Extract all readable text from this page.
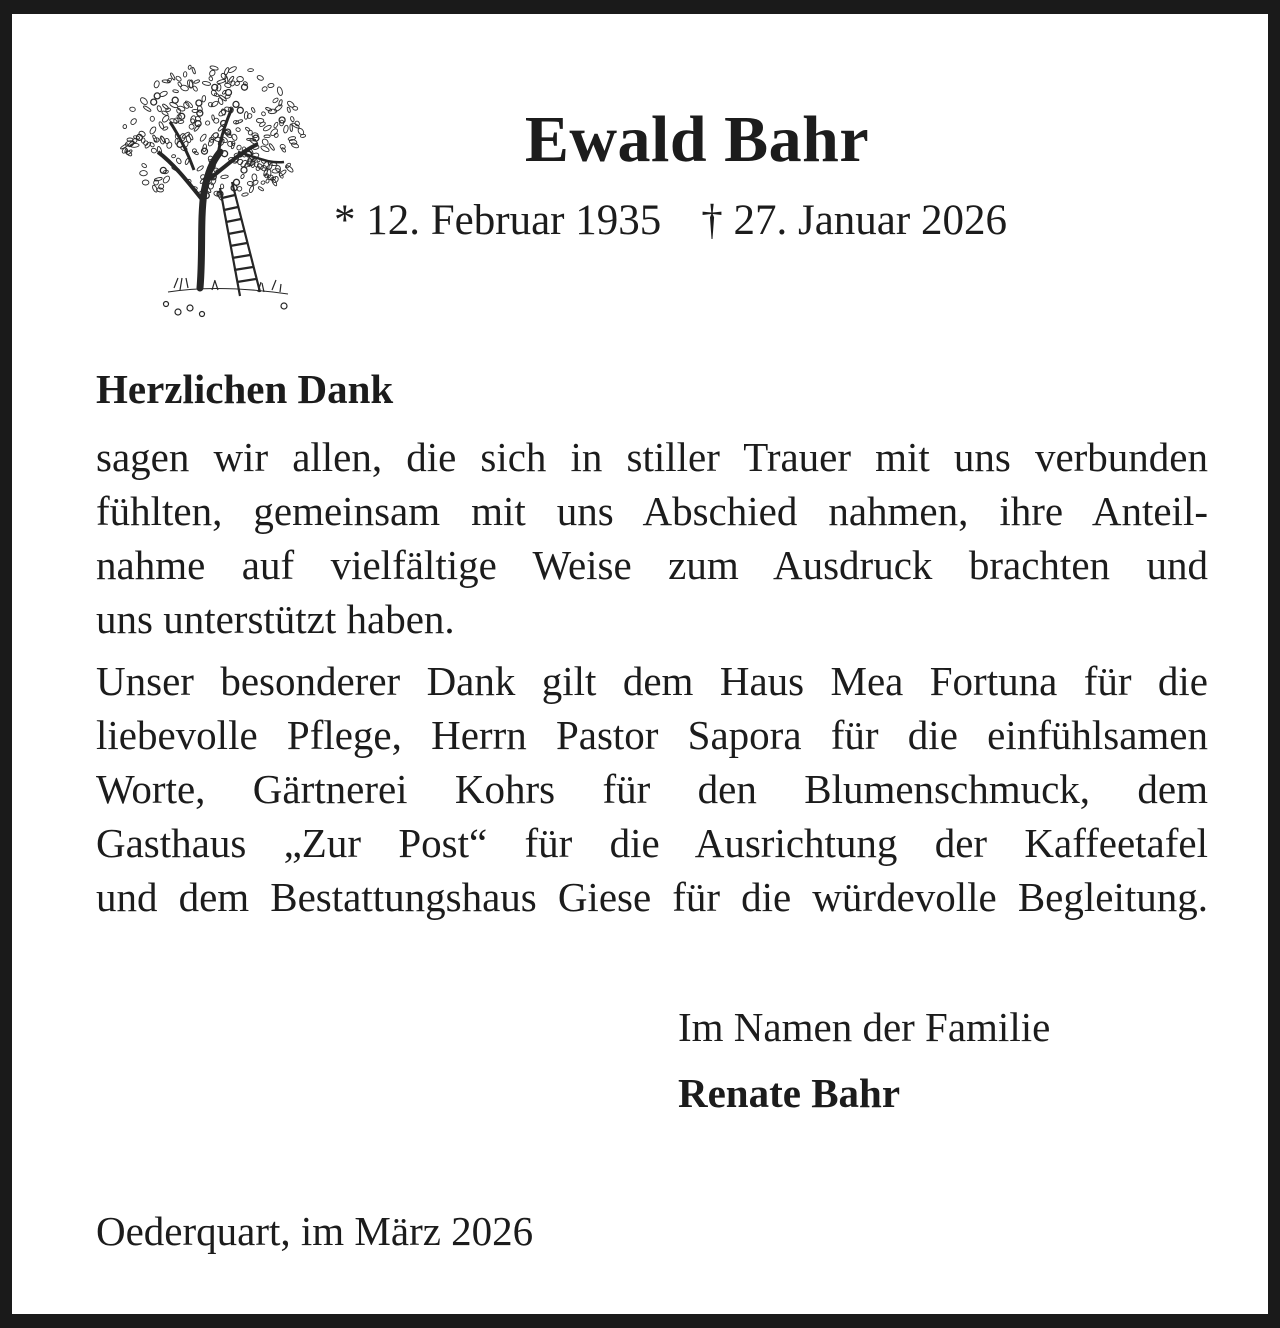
Ewald Bahr
* 12. Februar 1935 † 27. Januar 2026
Herzlichen Dank
sagen wir allen, die sich in stiller Trauer mit uns verbunden
fühlten, gemeinsam mit uns Abschied nahmen, ihre Anteil-
nahme auf vielfältige Weise zum Ausdruck brachten und
uns unterstützt haben.
Unser besonderer Dank gilt dem Haus Mea Fortuna für die
liebevolle Pflege, Herrn Pastor Sapora für die einfühlsamen
Worte, Gärtnerei Kohrs für den Blumenschmuck, dem
Gasthaus „Zur Post“ für die Ausrichtung der Kaffeetafel
und dem Bestattungshaus Giese für die würdevolle Begleitung.
Im Namen der Familie
Renate Bahr
Oederquart, im März 2026
